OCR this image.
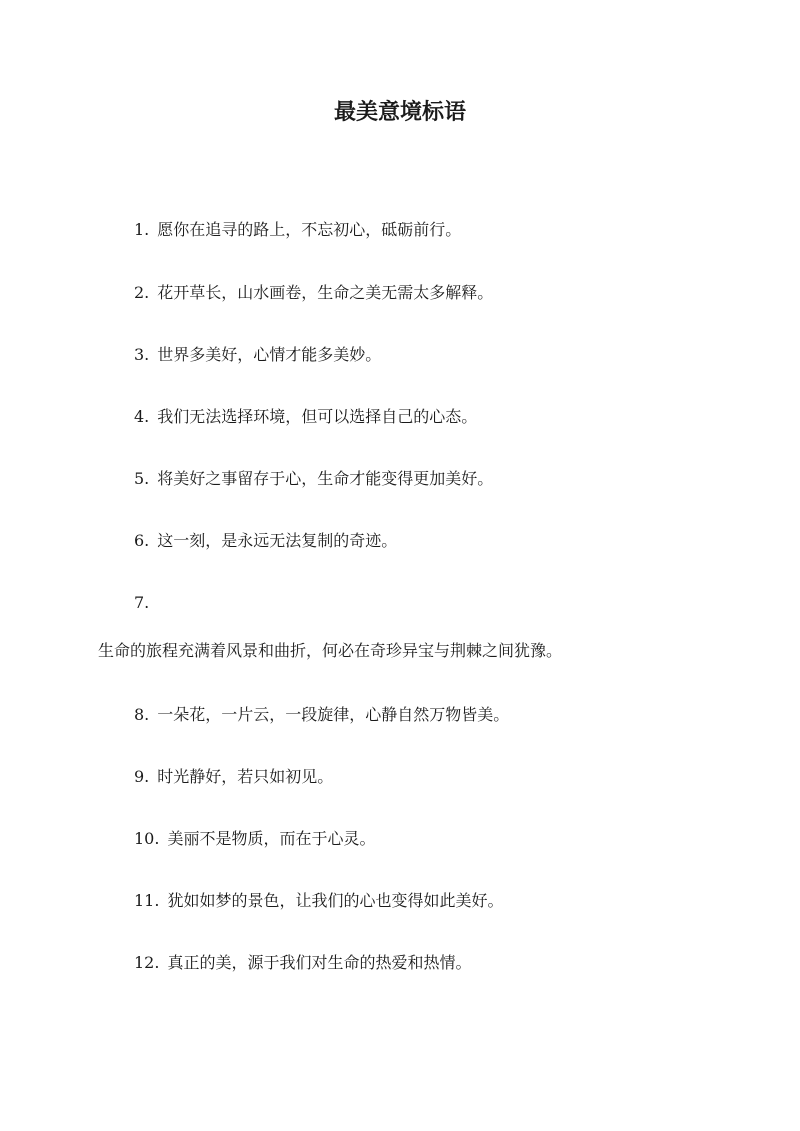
最美意境标语
1. 愿你在追寻的路上，不忘初心，砥砺前行。
2. 花开草长，山水画卷，生命之美无需太多解释。
3. 世界多美好，心情才能多美妙。
4. 我们无法选择环境，但可以选择自己的心态。
5. 将美好之事留存于心，生命才能变得更加美好。
6. 这一刻，是永远无法复制的奇迹。
7.
生命的旅程充满着风景和曲折，何必在奇珍异宝与荆棘之间犹豫。
8. 一朵花，一片云，一段旋律，心静自然万物皆美。
9. 时光静好，若只如初见。
10. 美丽不是物质，而在于心灵。
11. 犹如如梦的景色，让我们的心也变得如此美好。
12. 真正的美，源于我们对生命的热爱和热情。
